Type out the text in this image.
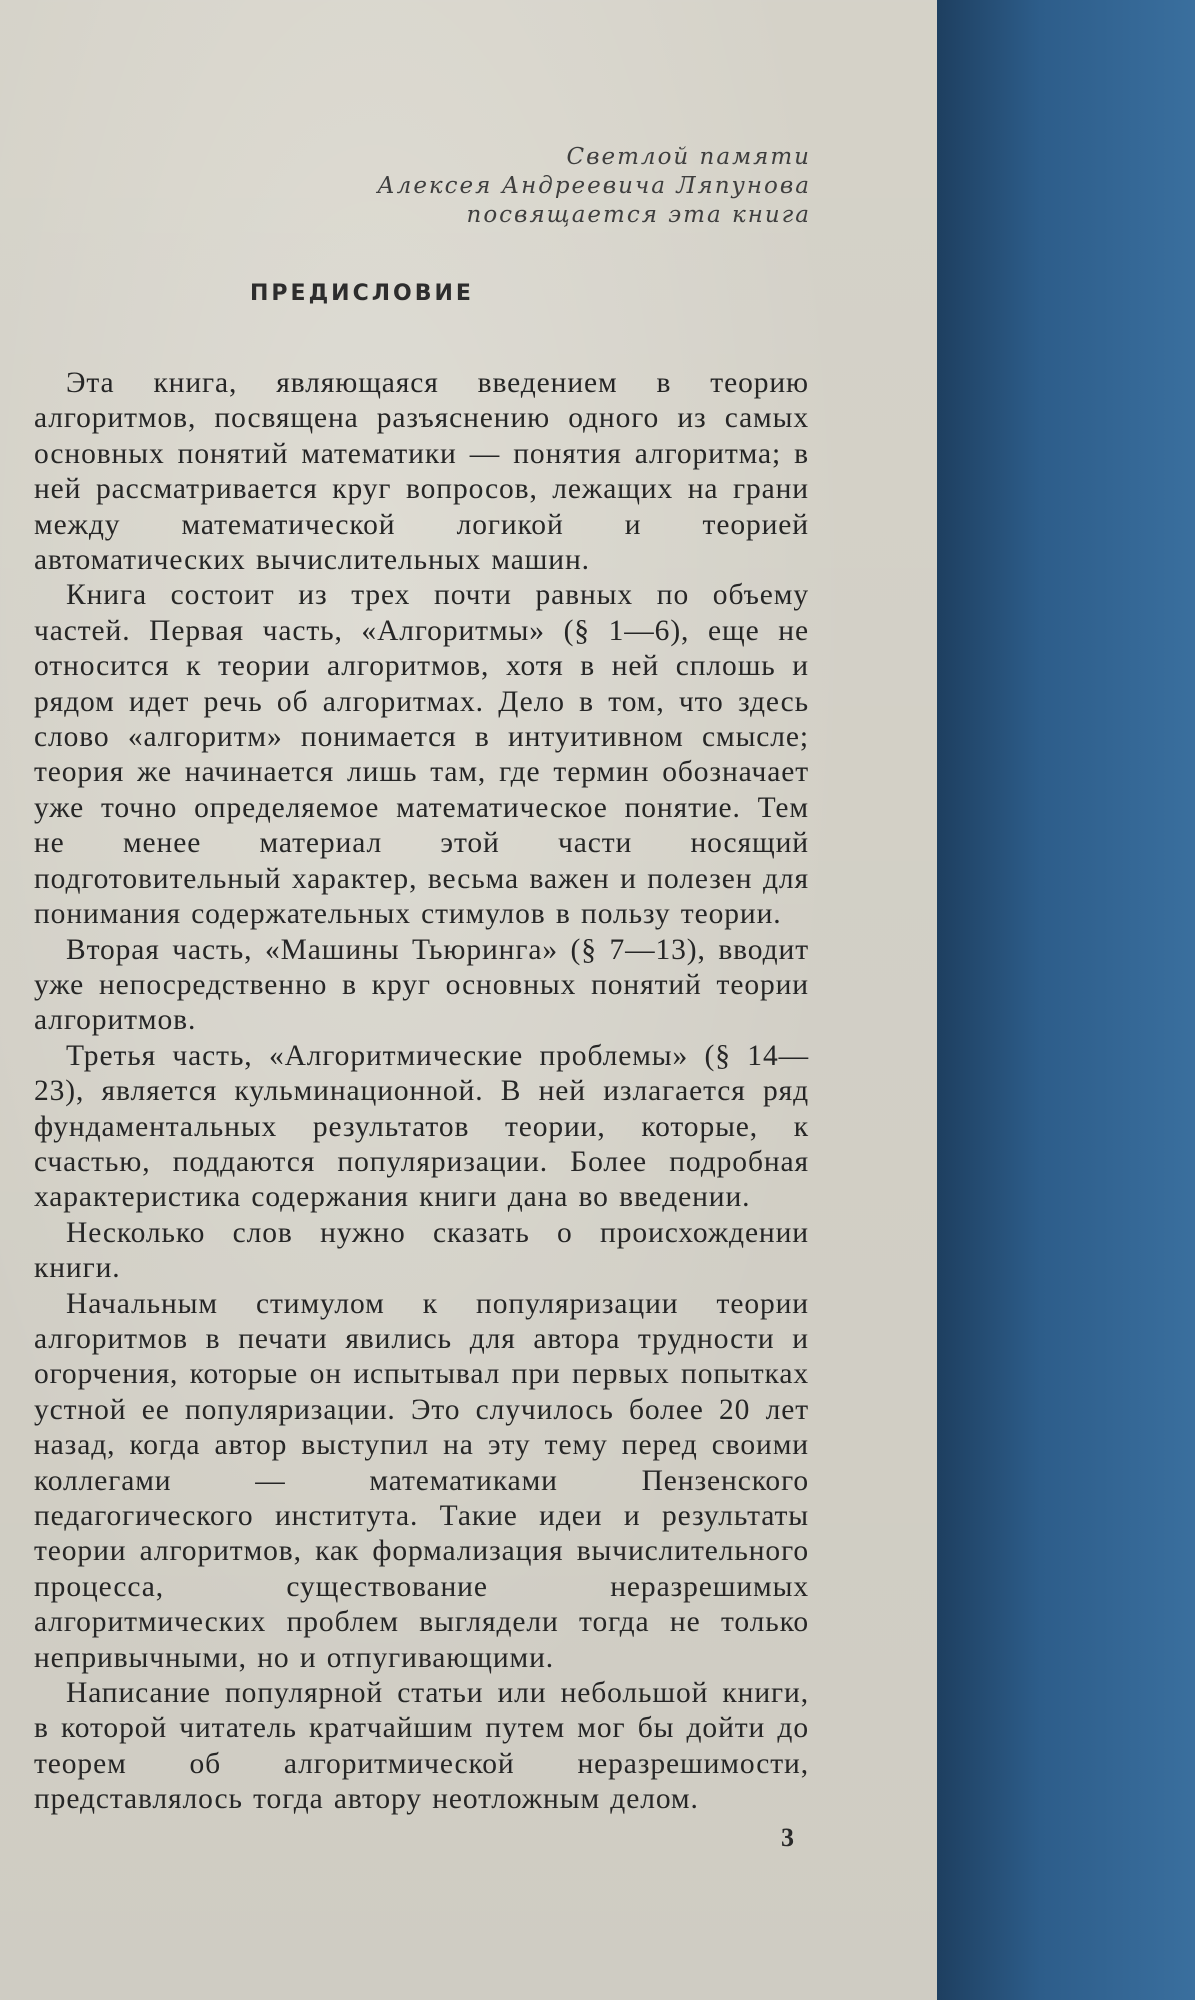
Светлой памяти
Алексея Андреевича Ляпунова
посвящается эта книга
ПРЕДИСЛОВИЕ

Эта книга, являющаяся введением в теорию алгоритмов, посвящена разъяснению одного из самых основных понятий математики — понятия алгоритма; в ней рассматривается круг вопросов, лежащих на грани между математической логикой и теорией автоматических вычислительных машин.

Книга состоит из трех почти равных по объему частей. Первая часть, «Алгоритмы» (§ 1—6), еще не относится к теории алгоритмов, хотя в ней сплошь и рядом идет речь об алгоритмах. Дело в том, что здесь слово «алгоритм» понимается в интуитивном смысле; теория же начинается лишь там, где термин обозначает уже точно определяемое математическое понятие. Тем не менее материал этой части носящий подготовительный характер, весьма важен и полезен для понимания содержательных стимулов в пользу теории.

Вторая часть, «Машины Тьюринга» (§ 7—13), вводит уже непосредственно в круг основных понятий теории алгоритмов.

Третья часть, «Алгоритмические проблемы» (§ 14—23), является кульминационной. В ней излагается ряд фундаментальных результатов теории, которые, к счастью, поддаются популяризации. Более подробная характеристика содержания книги дана во введении.

Несколько слов нужно сказать о происхождении книги.

Начальным стимулом к популяризации теории алгоритмов в печати явились для автора трудности и огорчения, которые он испытывал при первых попытках устной ее популяризации. Это случилось более 20 лет назад, когда автор выступил на эту тему перед своими коллегами — математиками Пензенского педагогического института. Такие идеи и результаты теории алгоритмов, как формализация вычислительного процесса, существование неразрешимых алгоритмических проблем выглядели тогда не только непривычными, но и отпугивающими.

Написание популярной статьи или небольшой книги, в которой читатель кратчайшим путем мог бы дойти до теорем об алгоритмической неразрешимости, представлялось тогда автору неотложным делом.

3
